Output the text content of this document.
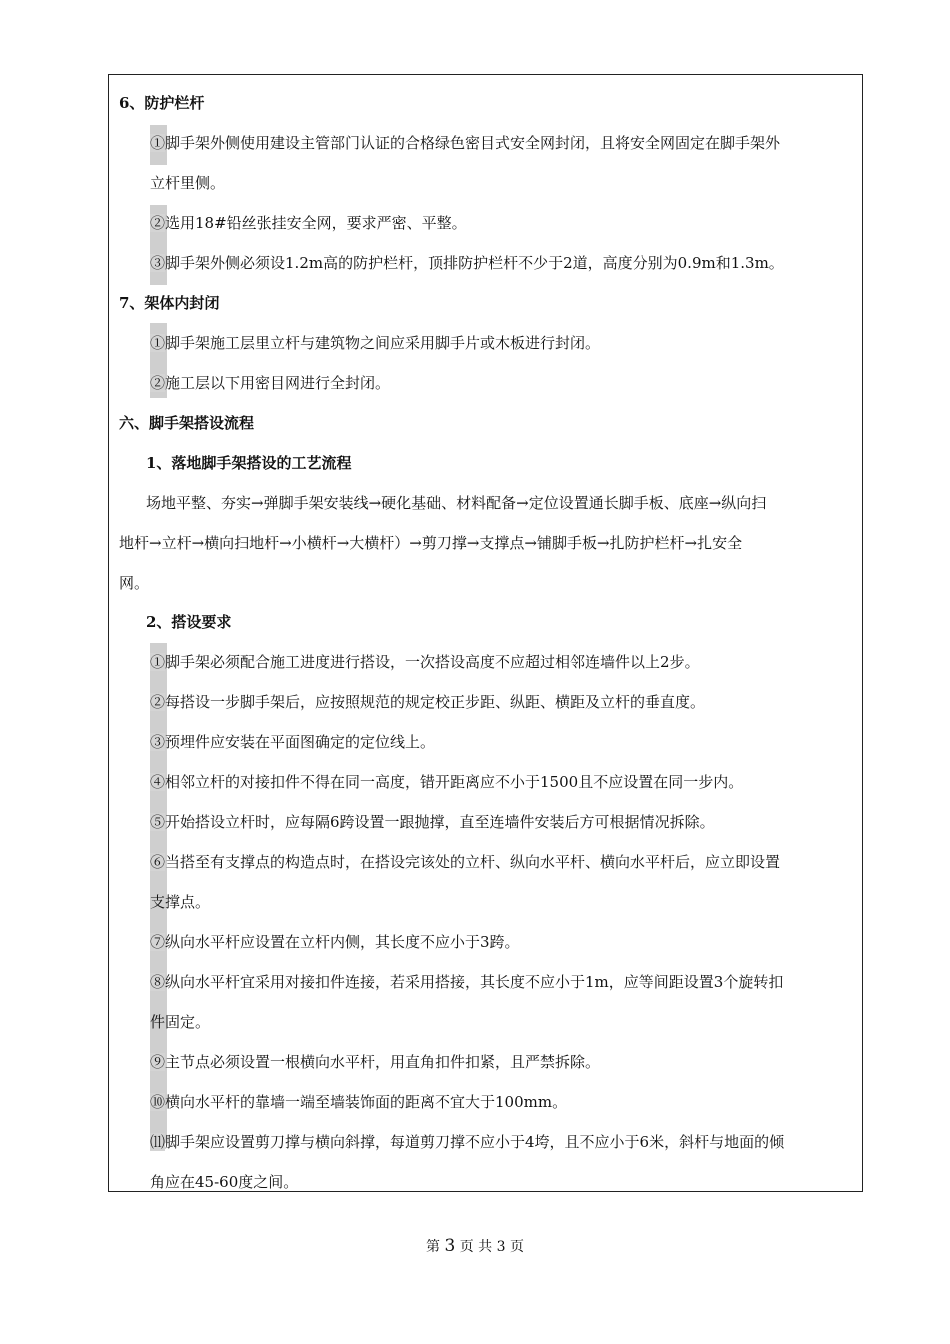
6、防护栏杆
①脚手架外侧使用建设主管部门认证的合格绿色密目式安全网封闭，且将安全网固定在脚手架外
立杆里侧。
②选用18#铅丝张挂安全网，要求严密、平整。
③脚手架外侧必须设1.2m高的防护栏杆，顶排防护栏杆不少于2道，高度分别为0.9m和1.3m。
7、架体内封闭
①脚手架施工层里立杆与建筑物之间应采用脚手片或木板进行封闭。
②施工层以下用密目网进行全封闭。
六、脚手架搭设流程
1、落地脚手架搭设的工艺流程
场地平整、夯实→弹脚手架安装线→硬化基础、材料配备→定位设置通长脚手板、底座→纵向扫
地杆→立杆→横向扫地杆→小横杆→大横杆）→剪刀撑→支撑点→铺脚手板→扎防护栏杆→扎安全
网。
2、搭设要求
①脚手架必须配合施工进度进行搭设，一次搭设高度不应超过相邻连墙件以上2步。
②每搭设一步脚手架后，应按照规范的规定校正步距、纵距、横距及立杆的垂直度。
③预埋件应安装在平面图确定的定位线上。
④相邻立杆的对接扣件不得在同一高度，错开距离应不小于1500且不应设置在同一步内。
⑤开始搭设立杆时，应每隔6跨设置一跟抛撑，直至连墙件安装后方可根据情况拆除。
⑥当搭至有支撑点的构造点时，在搭设完该处的立杆、纵向水平杆、横向水平杆后，应立即设置
支撑点。
⑦纵向水平杆应设置在立杆内侧，其长度不应小于3跨。
⑧纵向水平杆宜采用对接扣件连接，若采用搭接，其长度不应小于1m，应等间距设置3个旋转扣
件固定。
⑨主节点必须设置一根横向水平杆，用直角扣件扣紧，且严禁拆除。
⑩横向水平杆的靠墙一端至墙装饰面的距离不宜大于100mm。
⑾脚手架应设置剪刀撑与横向斜撑，每道剪刀撑不应小于4垮，且不应小于6米，斜杆与地面的倾
角应在45-60度之间。
第 3 页 共 3 页
